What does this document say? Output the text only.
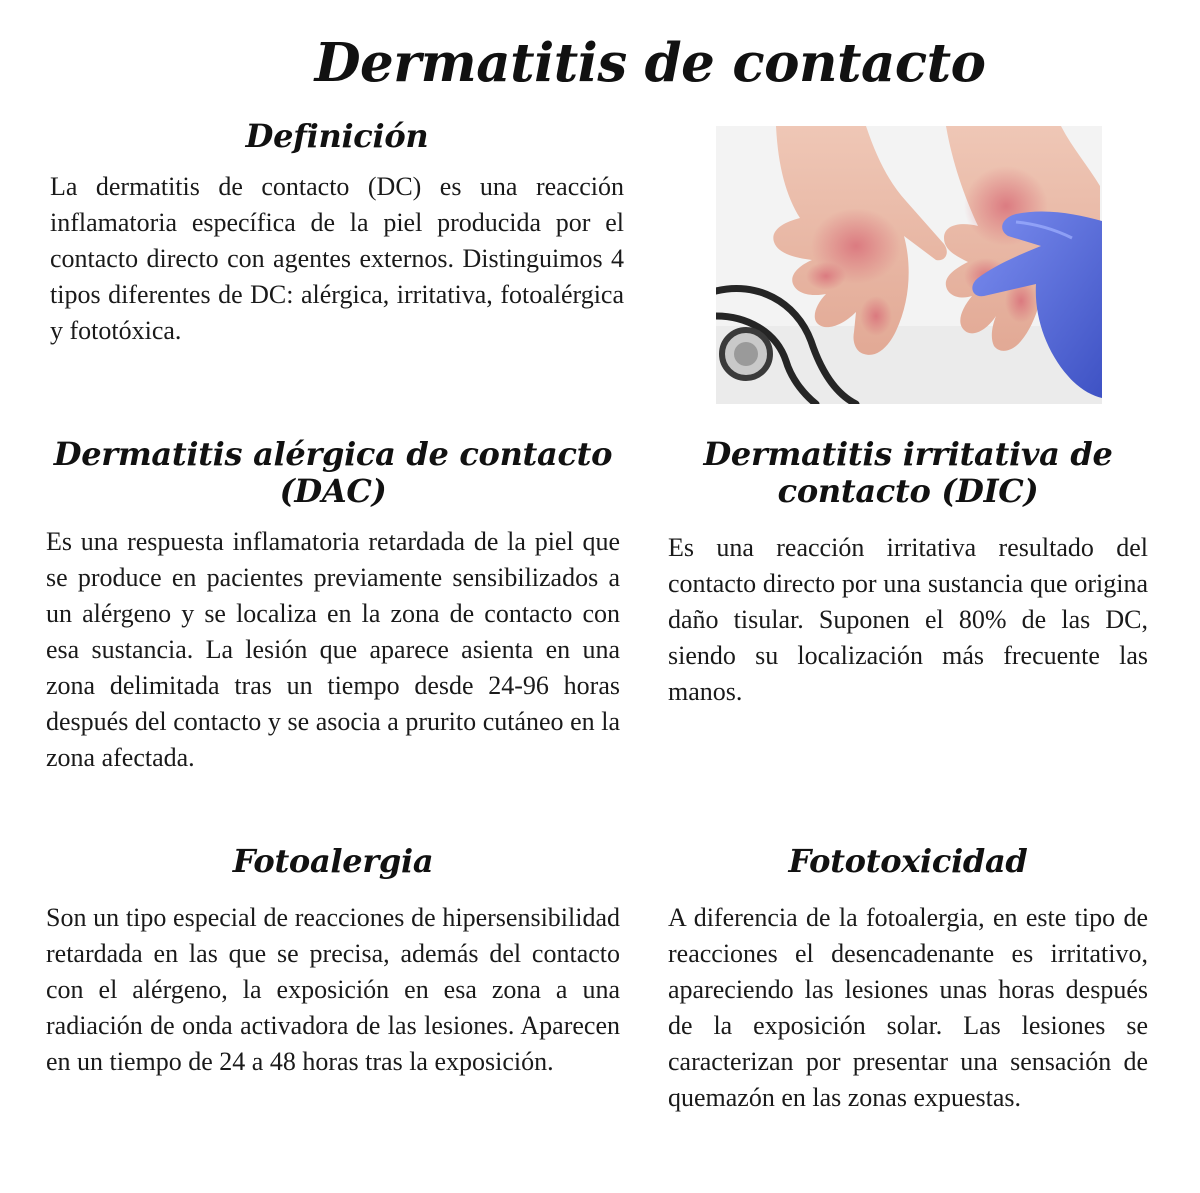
Dermatitis de contacto
Definición

La dermatitis de contacto (DC) es una reacción inflamatoria específica de la piel producida por el contacto directo con agentes externos. Distinguimos 4 tipos diferentes de DC: alérgica, irritativa, fotoalérgica y fototóxica.

Dermatitis alérgica de contacto (DAC)

Es una respuesta inflamatoria retardada de la piel que se produce en pacientes previamente sensibilizados a un alérgeno y se localiza en la zona de contacto con esa sustancia. La lesión que aparece asienta en una zona delimitada tras un tiempo desde 24-96 horas después del contacto y se asocia a prurito cutáneo en la zona afectada.

Dermatitis irritativa de contacto (DIC)

Es una reacción irritativa resultado del contacto directo por una sustancia que origina daño tisular. Suponen el 80% de las DC, siendo su localización más frecuente las manos.

Fotoalergia

Son un tipo especial de reacciones de hipersensibilidad retardada en las que se precisa, además del contacto con el alérgeno, la exposición en esa zona a una radiación de onda activadora de las lesiones. Aparecen en un tiempo de 24 a 48 horas tras la exposición.

Fototoxicidad

A diferencia de la fotoalergia, en este tipo de reacciones el desencadenante es irritativo, apareciendo las lesiones unas horas después de la exposición solar. Las lesiones se caracterizan por presentar una sensación de quemazón en las zonas expuestas.
